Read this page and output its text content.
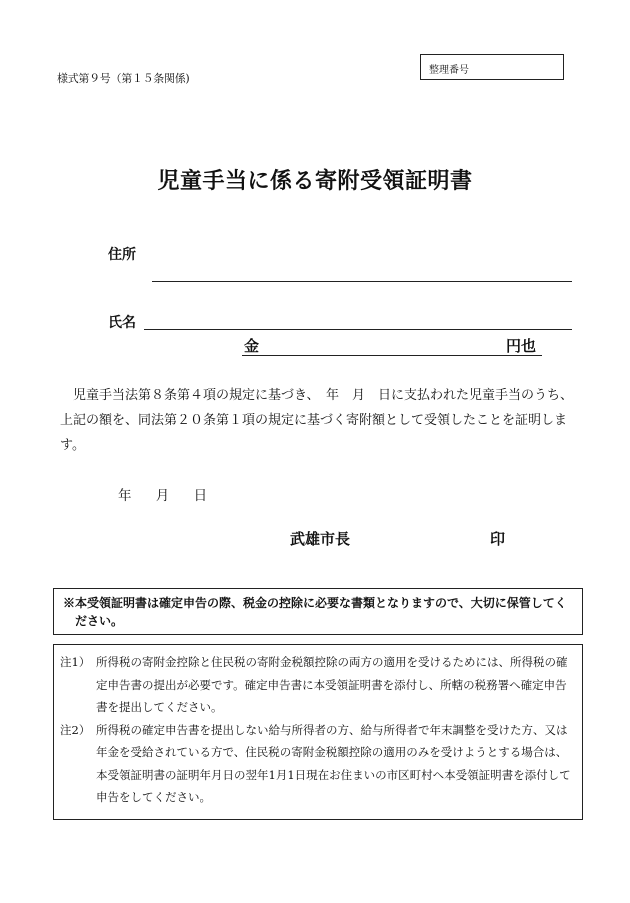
様式第９号（第１５条関係)
整理番号
児童手当に係る寄附受領証明書
住所
氏名
金	円也
児童手当法第８条第４項の規定に基づき、　年　月　日に支払われた児童手当のうち、上記の額を、同法第２０条第１項の規定に基づく寄附額として受領したことを証明します。
年 月 日
武雄市長	印
※本受領証明書は確定申告の際、税金の控除に必要な書類となりますので、大切に保管してください。
注1） 所得税の寄附金控除と住民税の寄附金税額控除の両方の適用を受けるためには、所得税の確定申告書の提出が必要です。確定申告書に本受領証明書を添付し、所轄の税務署へ確定申告書を提出してください。
注2） 所得税の確定申告書を提出しない給与所得者の方、給与所得者で年末調整を受けた方、又は年金を受給されている方で、住民税の寄附金税額控除の適用のみを受けようとする場合は、本受領証明書の証明年月日の翌年1月1日現在お住まいの市区町村へ本受領証明書を添付して申告をしてください。
